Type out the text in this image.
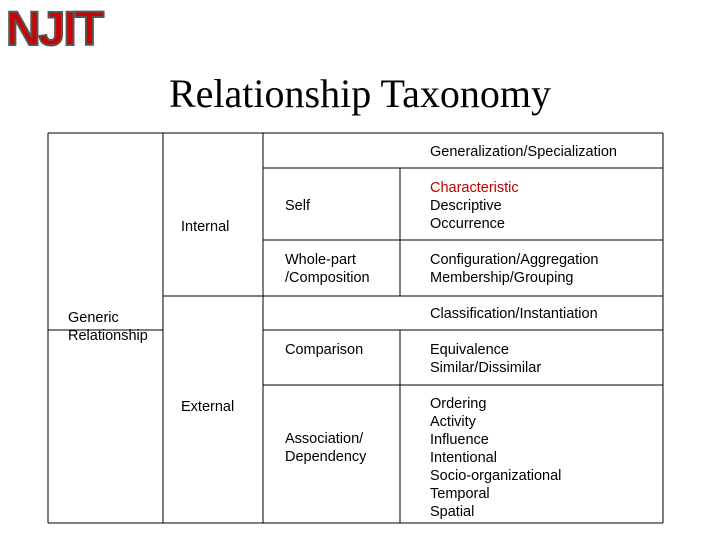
NJIT
Relationship Taxonomy
Generic
Relationship
Internal
External
Generalization/Specialization
Classification/Instantiation
Self
Characteristic
Descriptive
Occurrence
Whole-part
/Composition
Configuration/Aggregation
Membership/Grouping
Comparison	Equivalence
Similar/Dissimilar
Association/
Dependency
Ordering
Activity
Influence
Intentional
Socio-organizational
Temporal
Spatial
